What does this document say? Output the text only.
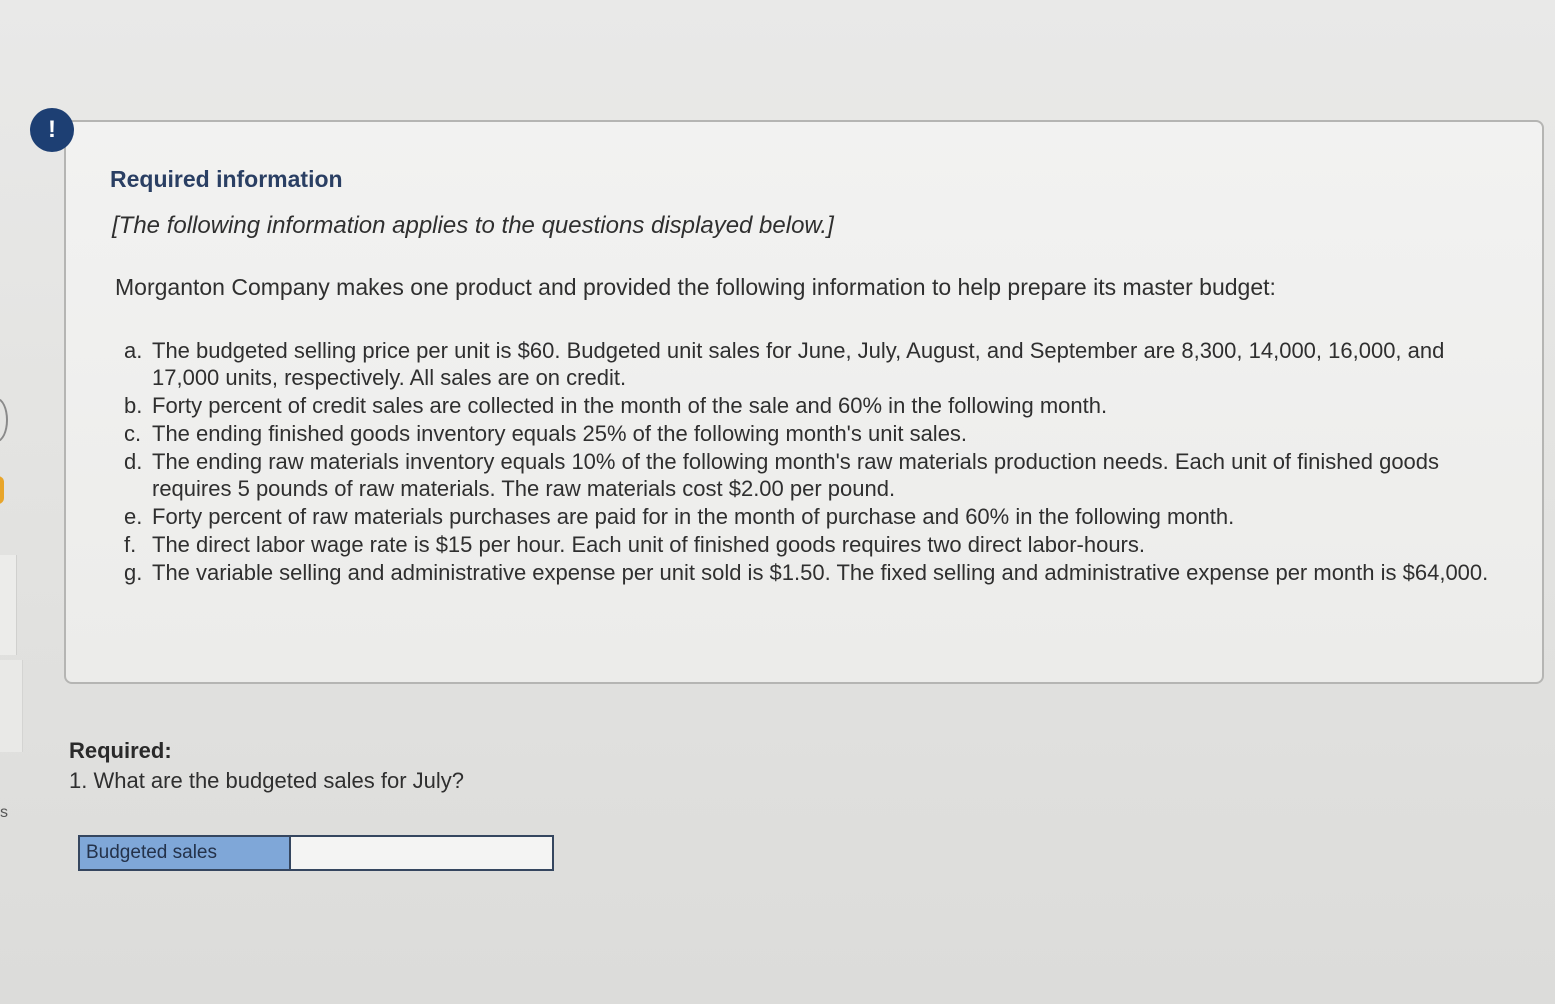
s
!
Required information

[The following information applies to the questions displayed below.]

Morganton Company makes one product and provided the following information to help prepare its master budget:

a. The budgeted selling price per unit is $60. Budgeted unit sales for June, July, August, and September are 8,300, 14,000, 16,000, and 17,000 units, respectively. All sales are on credit.
b. Forty percent of credit sales are collected in the month of the sale and 60% in the following month.
c. The ending finished goods inventory equals 25% of the following month's unit sales.
d. The ending raw materials inventory equals 10% of the following month's raw materials production needs. Each unit of finished goods requires 5 pounds of raw materials. The raw materials cost $2.00 per pound.
e. Forty percent of raw materials purchases are paid for in the month of purchase and 60% in the following month.
f. The direct labor wage rate is $15 per hour. Each unit of finished goods requires two direct labor-hours.
g. The variable selling and administrative expense per unit sold is $1.50. The fixed selling and administrative expense per month is $64,000.

Required:

1. What are the budgeted sales for July?

Budgeted sales
